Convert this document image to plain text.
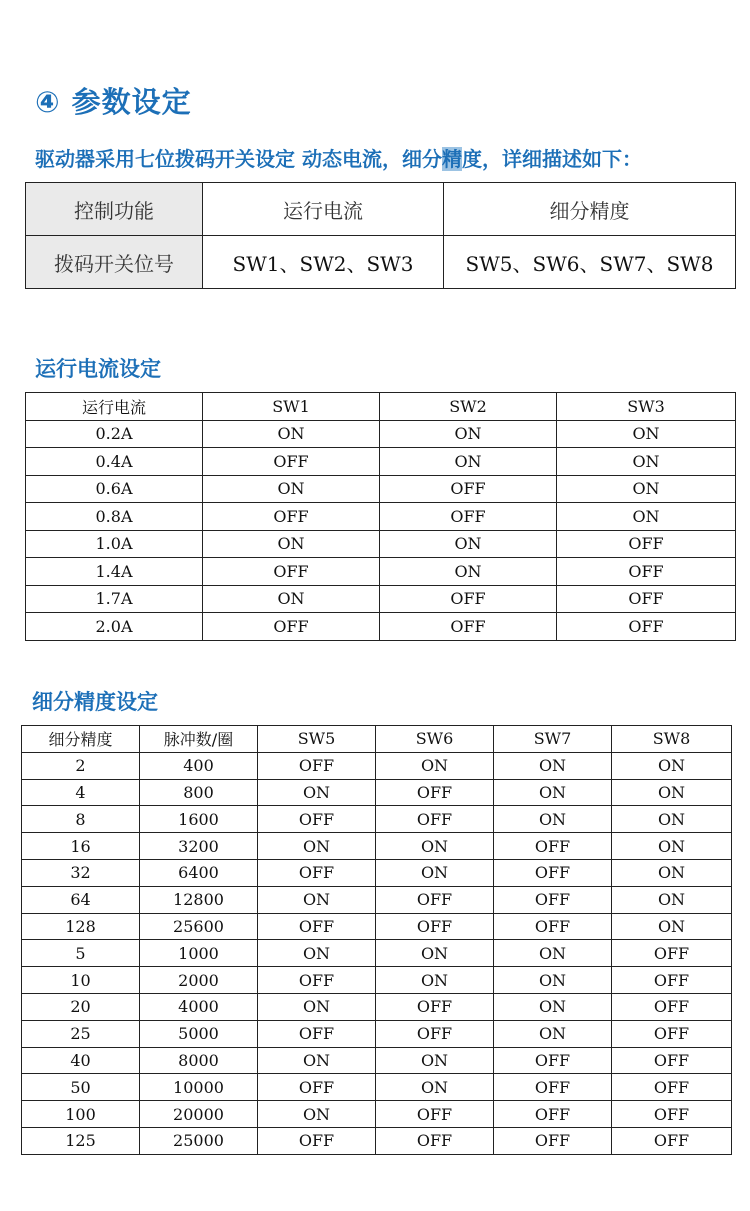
④ 参数设定

驱动器采用七位拨码开关设定 动态电流，细分精度，详细描述如下：

控制功能	运行电流	细分精度
拨码开关位号	SW1、SW2、SW3	SW5、SW6、SW7、SW8
运行电流设定
运行电流	SW1	SW2	SW3
0.2A	ON	ON	ON
0.4A	OFF	ON	ON
0.6A	ON	OFF	ON
0.8A	OFF	OFF	ON
1.0A	ON	ON	OFF
1.4A	OFF	ON	OFF
1.7A	ON	OFF	OFF
2.0A	OFF	OFF	OFF
细分精度设定
细分精度	脉冲数/圈	SW5	SW6	SW7	SW8
2	400	OFF	ON	ON	ON
4	800	ON	OFF	ON	ON
8	1600	OFF	OFF	ON	ON
16	3200	ON	ON	OFF	ON
32	6400	OFF	ON	OFF	ON
64	12800	ON	OFF	OFF	ON
128	25600	OFF	OFF	OFF	ON
5	1000	ON	ON	ON	OFF
10	2000	OFF	ON	ON	OFF
20	4000	ON	OFF	ON	OFF
25	5000	OFF	OFF	ON	OFF
40	8000	ON	ON	OFF	OFF
50	10000	OFF	ON	OFF	OFF
100	20000	ON	OFF	OFF	OFF
125	25000	OFF	OFF	OFF	OFF
